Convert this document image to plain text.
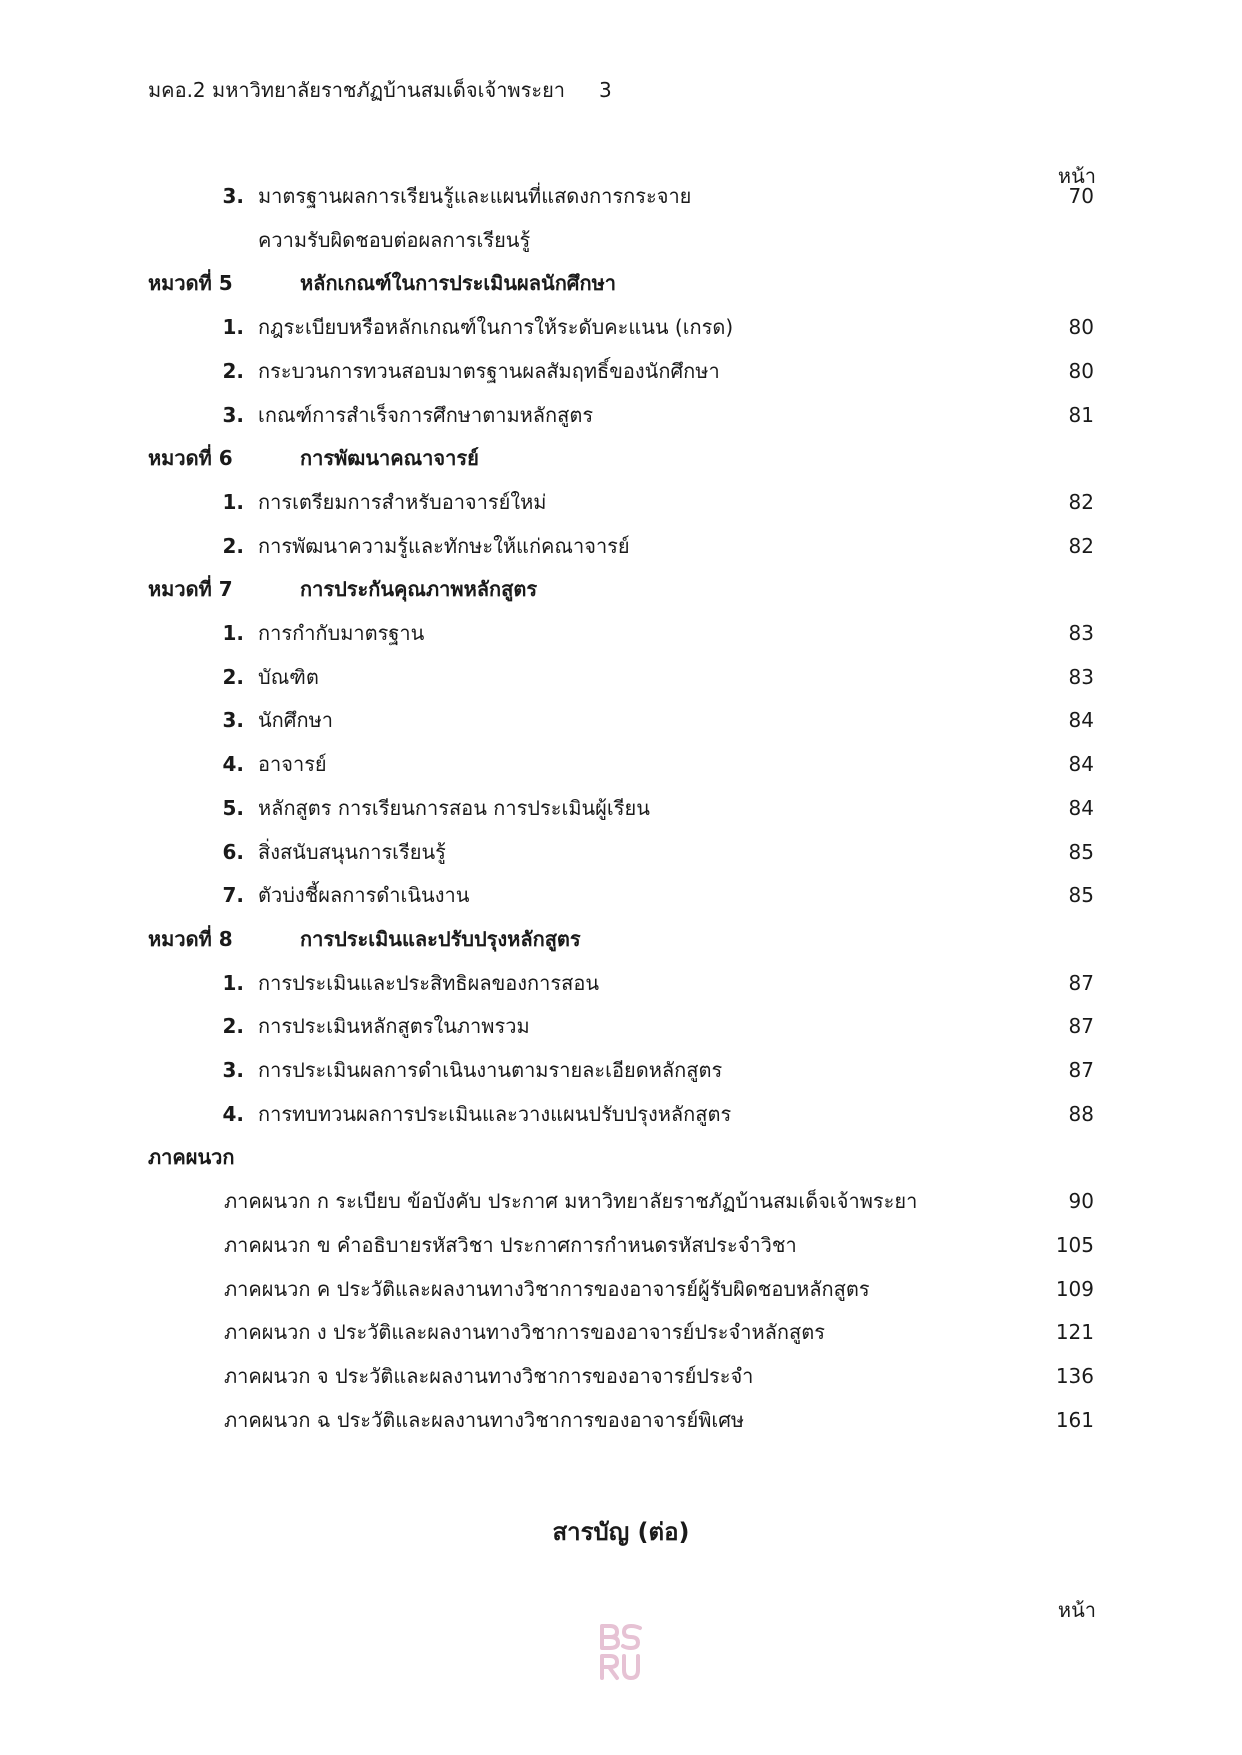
มคอ.2 มหาวิทยาลัยราชภัฏบ้านสมเด็จเจ้าพระยา 3
หน้า
3. มาตรฐานผลการเรียนรู้และแผนที่แสดงการกระจาย	70
ความรับผิดชอบต่อผลการเรียนรู้
หมวดที่ 5	หลักเกณฑ์ในการประเมินผลนักศึกษา
1. กฎระเบียบหรือหลักเกณฑ์ในการให้ระดับคะแนน (เกรด)	80
2. กระบวนการทวนสอบมาตรฐานผลสัมฤทธิ์ของนักศึกษา	80
3. เกณฑ์การสำเร็จการศึกษาตามหลักสูตร	81
หมวดที่ 6	การพัฒนาคณาจารย์
1. การเตรียมการสำหรับอาจารย์ใหม่	82
2. การพัฒนาความรู้และทักษะให้แก่คณาจารย์	82
หมวดที่ 7	การประกันคุณภาพหลักสูตร
1. การกำกับมาตรฐาน	83
2. บัณฑิต	83
3. นักศึกษา	84
4. อาจารย์	84
5. หลักสูตร การเรียนการสอน การประเมินผู้เรียน	84
6. สิ่งสนับสนุนการเรียนรู้	85
7. ตัวบ่งชี้ผลการดำเนินงาน	85
หมวดที่ 8	การประเมินและปรับปรุงหลักสูตร
1. การประเมินและประสิทธิผลของการสอน	87
2. การประเมินหลักสูตรในภาพรวม	87
3. การประเมินผลการดำเนินงานตามรายละเอียดหลักสูตร	87
4. การทบทวนผลการประเมินและวางแผนปรับปรุงหลักสูตร	88
ภาคผนวก
ภาคผนวก ก ระเบียบ ข้อบังคับ ประกาศ มหาวิทยาลัยราชภัฏบ้านสมเด็จเจ้าพระยา	90
ภาคผนวก ข คำอธิบายรหัสวิชา ประกาศการกำหนดรหัสประจำวิชา	105
ภาคผนวก ค ประวัติและผลงานทางวิชาการของอาจารย์ผู้รับผิดชอบหลักสูตร	109
ภาคผนวก ง ประวัติและผลงานทางวิชาการของอาจารย์ประจำหลักสูตร	121
ภาคผนวก จ ประวัติและผลงานทางวิชาการของอาจารย์ประจำ	136
ภาคผนวก ฉ ประวัติและผลงานทางวิชาการของอาจารย์พิเศษ	161
สารบัญ (ต่อ)
หน้า
